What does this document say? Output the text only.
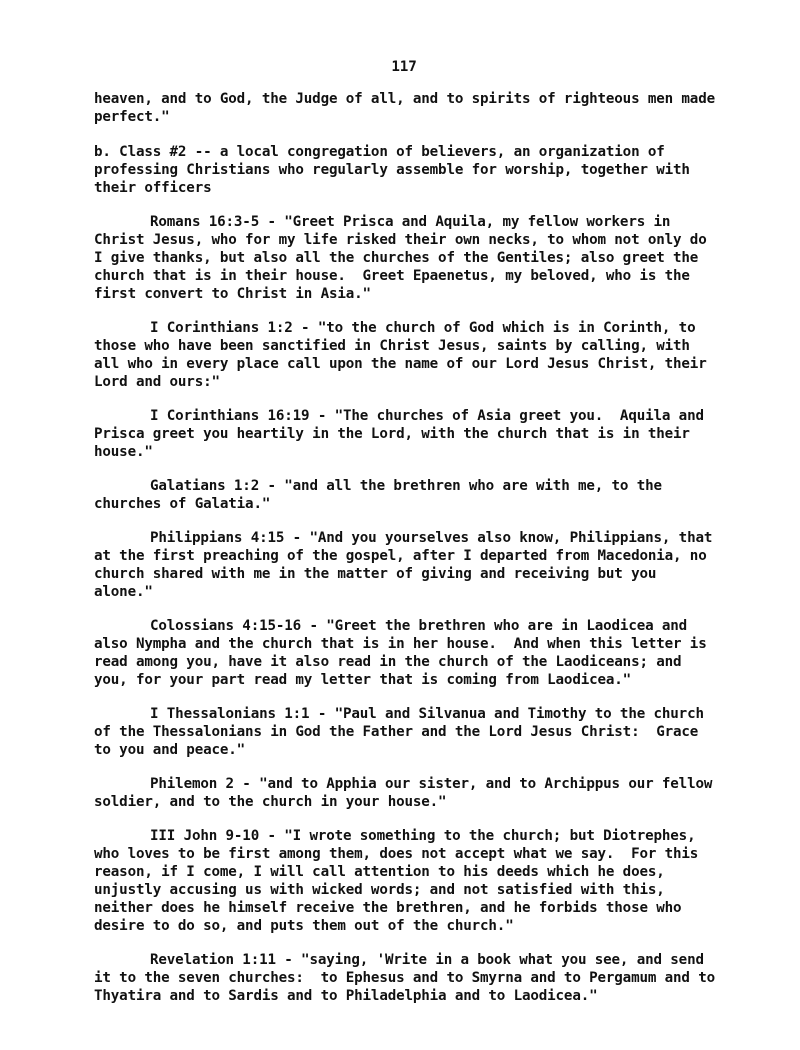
117

heaven, and to God, the Judge of all, and to spirits of righteous men made
perfect."

b. Class #2 -- a local congregation of believers, an organization of
professing Christians who regularly assemble for worship, together with
their officers

Romans 16:3-5 - "Greet Prisca and Aquila, my fellow workers in
Christ Jesus, who for my life risked their own necks, to whom not only do
I give thanks, but also all the churches of the Gentiles; also greet the
church that is in their house.  Greet Epaenetus, my beloved, who is the
first convert to Christ in Asia."

I Corinthians 1:2 - "to the church of God which is in Corinth, to
those who have been sanctified in Christ Jesus, saints by calling, with
all who in every place call upon the name of our Lord Jesus Christ, their
Lord and ours:"

I Corinthians 16:19 - "The churches of Asia greet you.  Aquila and
Prisca greet you heartily in the Lord, with the church that is in their
house."

Galatians 1:2 - "and all the brethren who are with me, to the
churches of Galatia."

Philippians 4:15 - "And you yourselves also know, Philippians, that
at the first preaching of the gospel, after I departed from Macedonia, no
church shared with me in the matter of giving and receiving but you
alone."

Colossians 4:15-16 - "Greet the brethren who are in Laodicea and
also Nympha and the church that is in her house.  And when this letter is
read among you, have it also read in the church of the Laodiceans; and
you, for your part read my letter that is coming from Laodicea."

I Thessalonians 1:1 - "Paul and Silvanua and Timothy to the church
of the Thessalonians in God the Father and the Lord Jesus Christ:  Grace
to you and peace."

Philemon 2 - "and to Apphia our sister, and to Archippus our fellow
soldier, and to the church in your house."

III John 9-10 - "I wrote something to the church; but Diotrephes,
who loves to be first among them, does not accept what we say.  For this
reason, if I come, I will call attention to his deeds which he does,
unjustly accusing us with wicked words; and not satisfied with this,
neither does he himself receive the brethren, and he forbids those who
desire to do so, and puts them out of the church."

Revelation 1:11 - "saying, 'Write in a book what you see, and send
it to the seven churches:  to Ephesus and to Smyrna and to Pergamum and to
Thyatira and to Sardis and to Philadelphia and to Laodicea."
